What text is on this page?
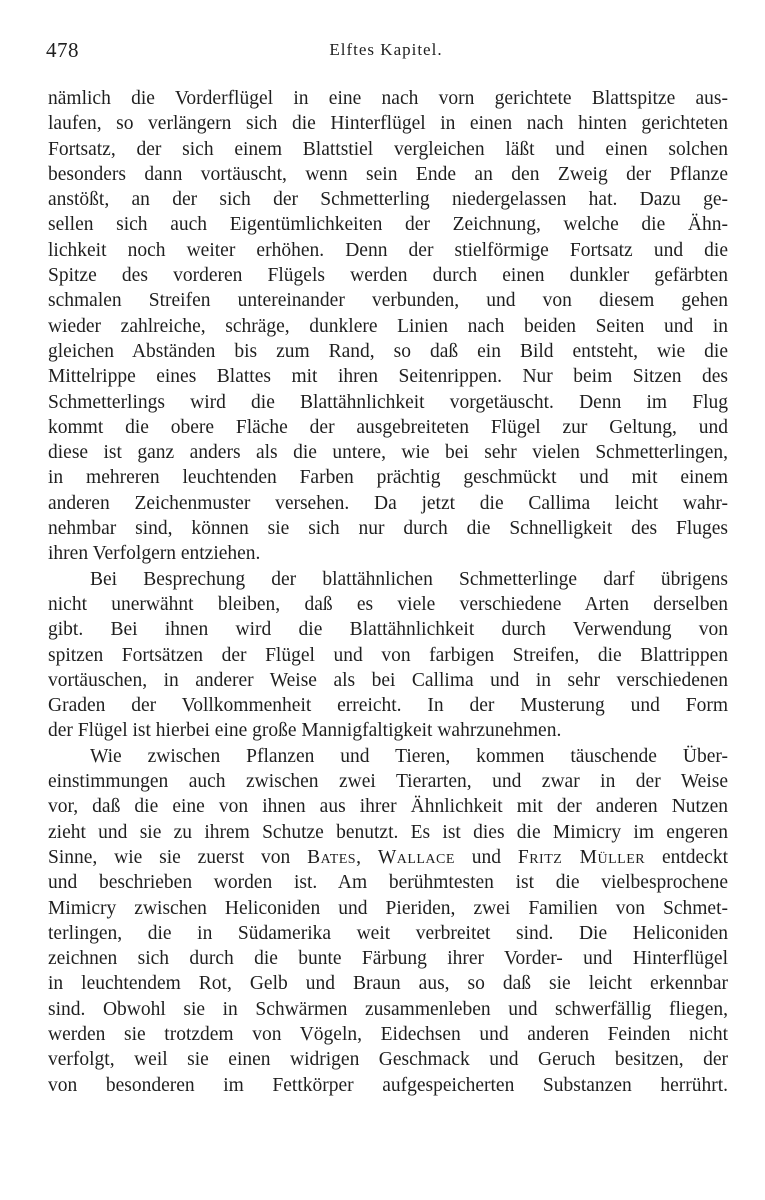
478	Elftes Kapitel.
nämlich die Vorderflügel in eine nach vorn gerichtete Blattspitze aus-
laufen, so verlängern sich die Hinterflügel in einen nach hinten gerichteten
Fortsatz, der sich einem Blattstiel vergleichen läßt und einen solchen
besonders dann vortäuscht, wenn sein Ende an den Zweig der Pflanze
anstößt, an der sich der Schmetterling niedergelassen hat. Dazu ge-
sellen sich auch Eigentümlichkeiten der Zeichnung, welche die Ähn-
lichkeit noch weiter erhöhen. Denn der stielförmige Fortsatz und die
Spitze des vorderen Flügels werden durch einen dunkler gefärbten
schmalen Streifen untereinander verbunden, und von diesem gehen
wieder zahlreiche, schräge, dunklere Linien nach beiden Seiten und in
gleichen Abständen bis zum Rand, so daß ein Bild entsteht, wie die
Mittelrippe eines Blattes mit ihren Seitenrippen. Nur beim Sitzen des
Schmetterlings wird die Blattähnlichkeit vorgetäuscht. Denn im Flug
kommt die obere Fläche der ausgebreiteten Flügel zur Geltung, und
diese ist ganz anders als die untere, wie bei sehr vielen Schmetterlingen,
in mehreren leuchtenden Farben prächtig geschmückt und mit einem
anderen Zeichenmuster versehen. Da jetzt die Callima leicht wahr-
nehmbar sind, können sie sich nur durch die Schnelligkeit des Fluges
ihren Verfolgern entziehen.
Bei Besprechung der blattähnlichen Schmetterlinge darf übrigens
nicht unerwähnt bleiben, daß es viele verschiedene Arten derselben
gibt. Bei ihnen wird die Blattähnlichkeit durch Verwendung von
spitzen Fortsätzen der Flügel und von farbigen Streifen, die Blattrippen
vortäuschen, in anderer Weise als bei Callima und in sehr verschiedenen
Graden der Vollkommenheit erreicht. In der Musterung und Form
der Flügel ist hierbei eine große Mannigfaltigkeit wahrzunehmen.
Wie zwischen Pflanzen und Tieren, kommen täuschende Über-
einstimmungen auch zwischen zwei Tierarten, und zwar in der Weise
vor, daß die eine von ihnen aus ihrer Ähnlichkeit mit der anderen Nutzen
zieht und sie zu ihrem Schutze benutzt. Es ist dies die Mimicry im engeren
Sinne, wie sie zuerst von Bates, Wallace und Fritz Müller entdeckt
und beschrieben worden ist. Am berühmtesten ist die vielbesprochene
Mimicry zwischen Heliconiden und Pieriden, zwei Familien von Schmet-
terlingen, die in Südamerika weit verbreitet sind. Die Heliconiden
zeichnen sich durch die bunte Färbung ihrer Vorder- und Hinterflügel
in leuchtendem Rot, Gelb und Braun aus, so daß sie leicht erkennbar
sind. Obwohl sie in Schwärmen zusammenleben und schwerfällig fliegen,
werden sie trotzdem von Vögeln, Eidechsen und anderen Feinden nicht
verfolgt, weil sie einen widrigen Geschmack und Geruch besitzen, der
von besonderen im Fettkörper aufgespeicherten Substanzen herrührt.
